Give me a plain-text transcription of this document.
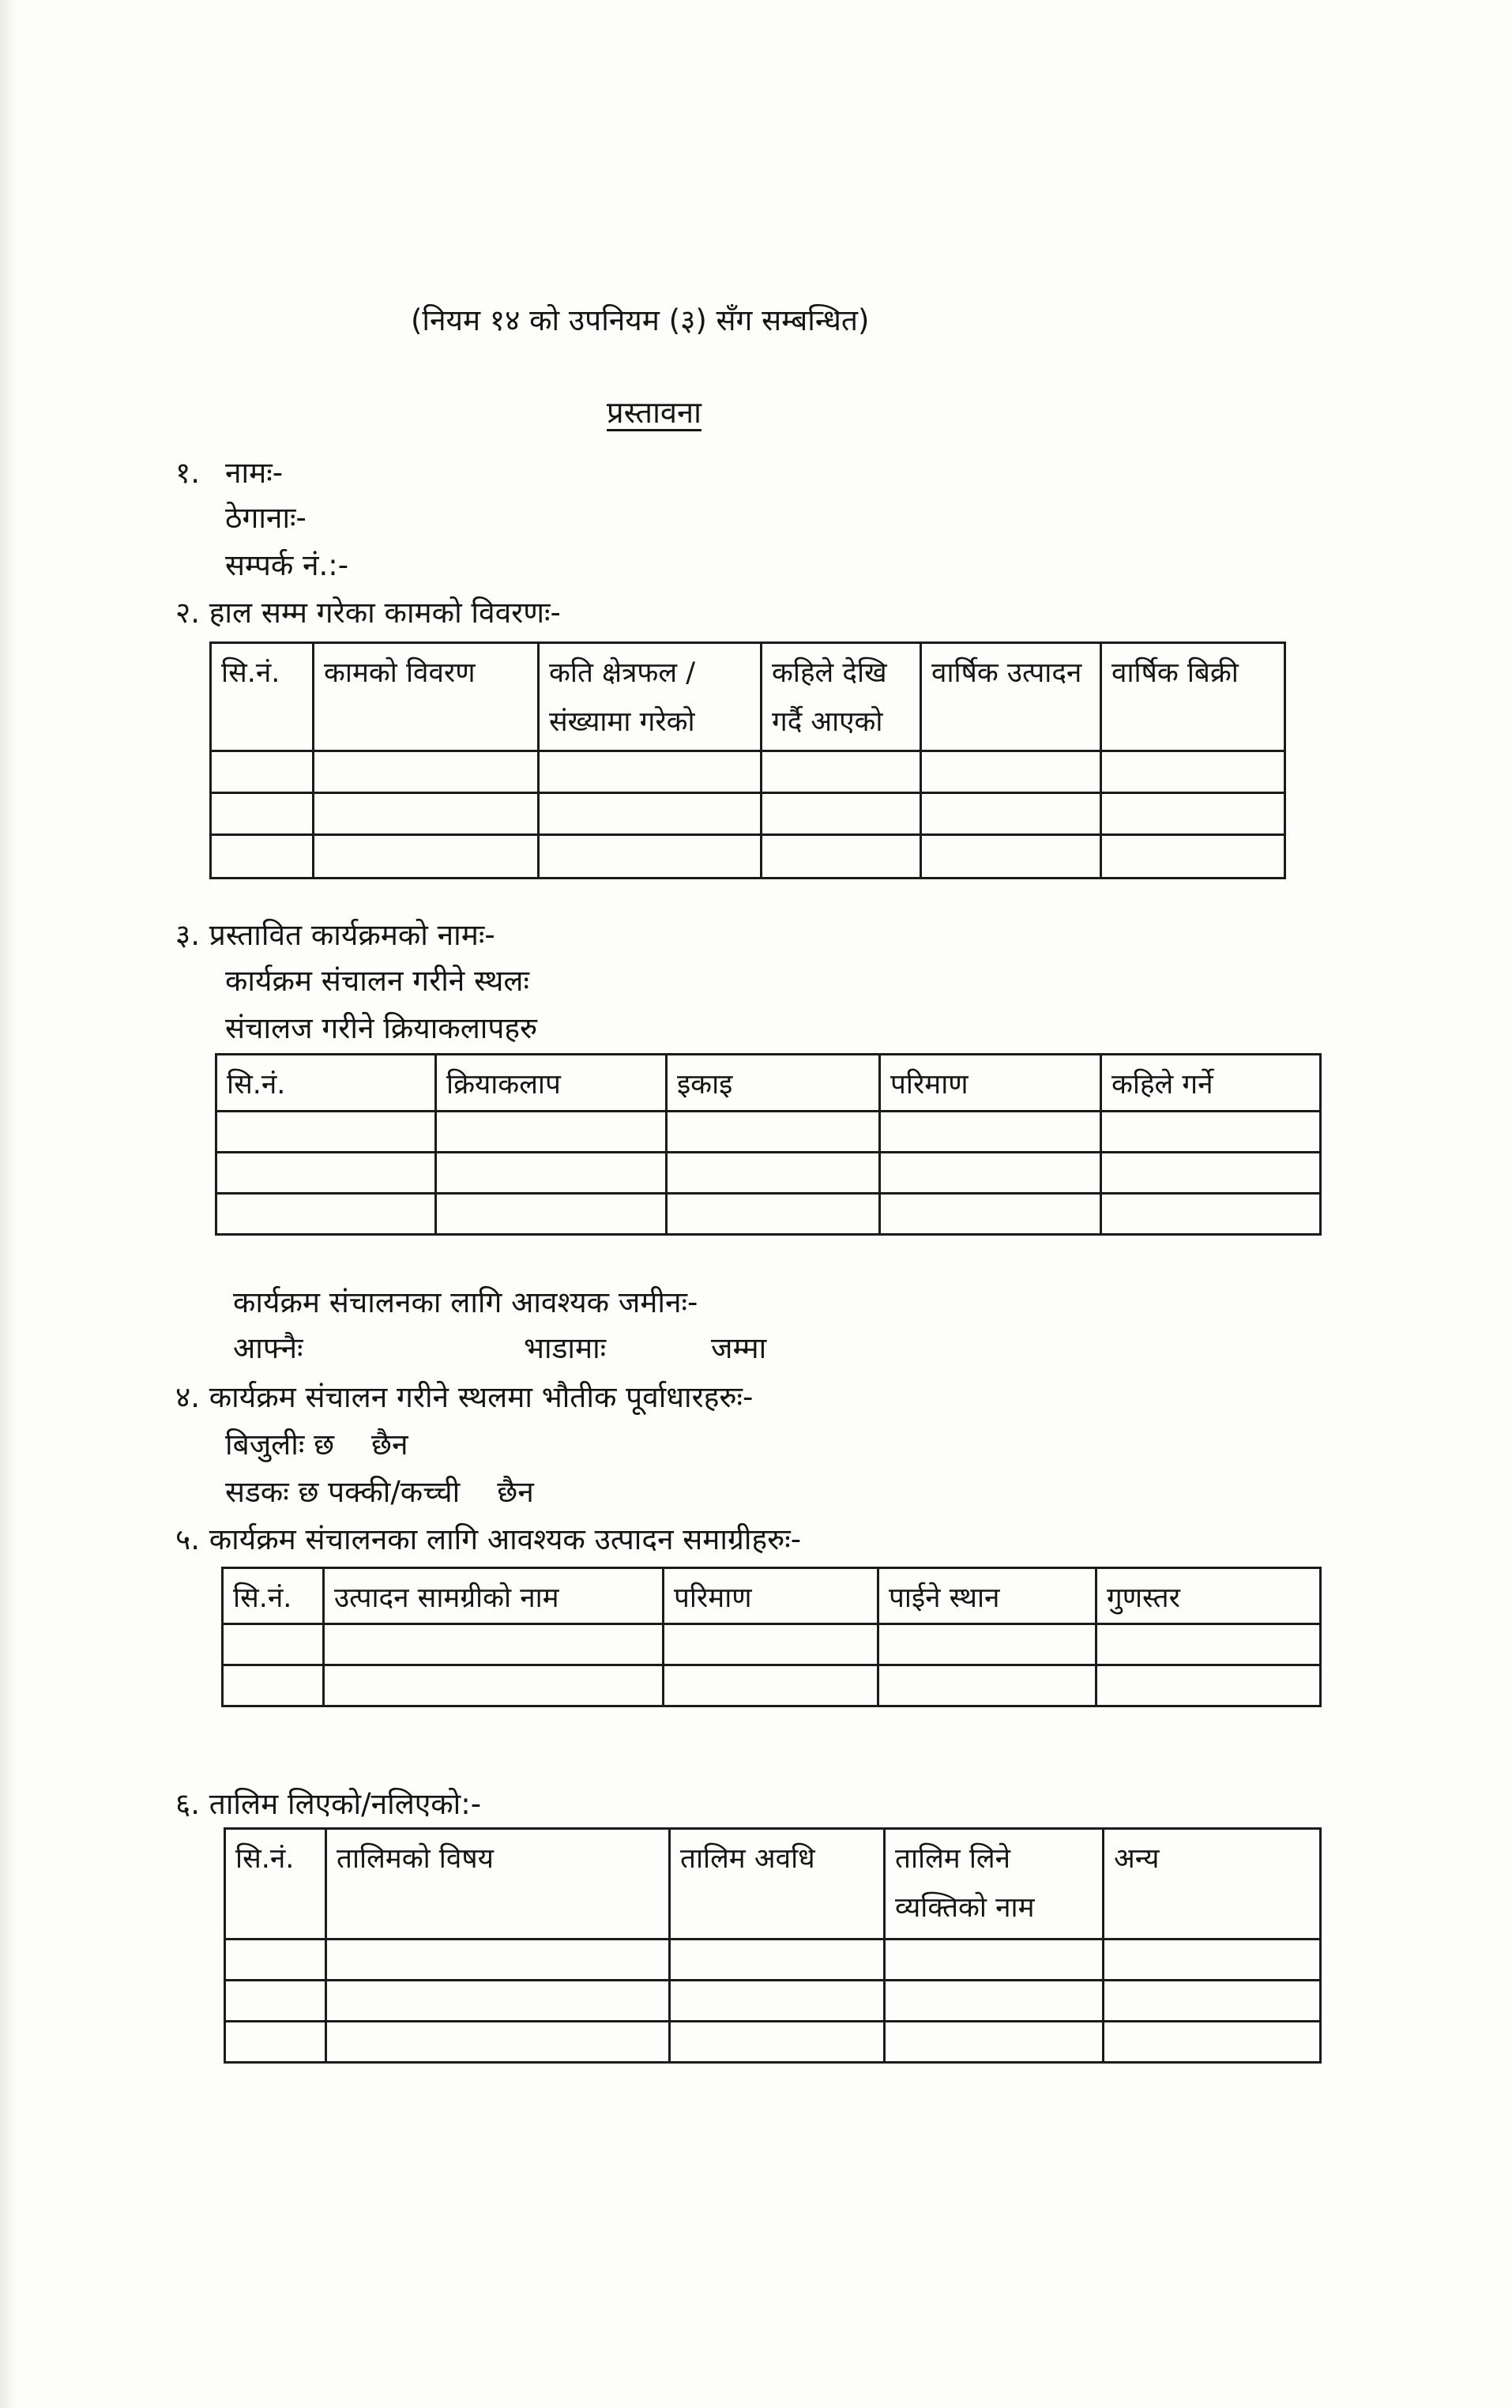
(नियम १४ को उपनियम (३) सँग सम्बन्धित)
प्रस्तावना
१. नामः-
ठेगानाः-
सम्पर्क नं.:-
२. हाल सम्म गरेका कामको विवरणः-
सि.नं.	कामको विवरण	कति क्षेत्रफल / संख्यामा गरेको	कहिले देखि गर्दै आएको	वार्षिक उत्पादन	वार्षिक बिक्री

३. प्रस्तावित कार्यक्रमको नामः-
कार्यक्रम संचालन गरीने स्थलः
संचालज गरीने क्रियाकलापहरु
सि.नं.	क्रियाकलाप	इकाइ	परिमाण	कहिले गर्ने

कार्यक्रम संचालनका लागि आवश्यक जमीनः-
आफ्नैः	भाडामाः	जम्मा
४. कार्यक्रम संचालन गरीने स्थलमा भौतीक पूर्वाधारहरुः-
बिजुलीः छ    छैन
सडकः छ पक्की/कच्ची    छैन
५. कार्यक्रम संचालनका लागि आवश्यक उत्पादन समाग्रीहरुः-
सि.नं.	उत्पादन सामग्रीको नाम	परिमाण	पाईने स्थान	गुणस्तर

६. तालिम लिएको/नलिएको:-
सि.नं.	तालिमको विषय	तालिम अवधि	तालिम लिने व्यक्तिको नाम	अन्य
